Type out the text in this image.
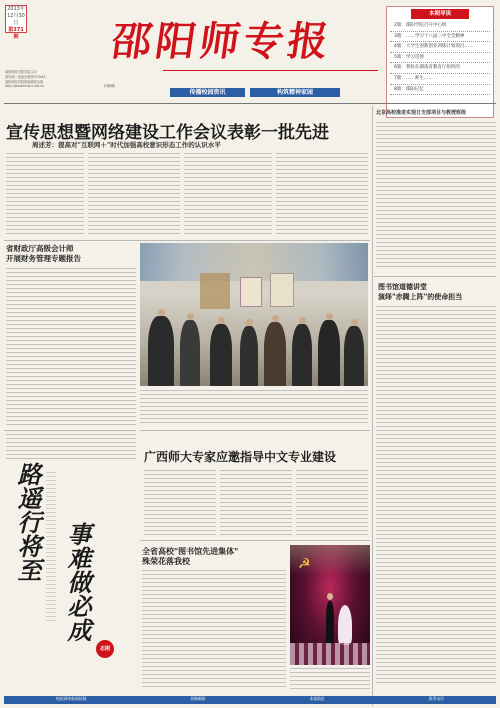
2013年
12月30日
第371期
邵阳师范学院党委主办
国内统一连续出版物号CN43-
邵阳师范学院报编辑部出版
http://www.hnsyu.net.cn	本期8版
邵阳师专报
本期导读
2版：邵阳学院召开中心组
3版：……学习十八届三中全会精神
4版：大学生创新创业训练计划项目……
5版：学习贯彻
6版：我校在湖南省教育厅组织的
7版：……师生……
8版：邵阳记忆
传播校园资讯	构筑精神家园
宣传思想暨网络建设工作会议表彰一批先进
周述芳：提高对"互联网＋"时代加强高校意识形态工作的认识水平
北京高校推进实现日支部项目与教授班级
省财政厅高级会计师
开展财务管理专题报告
图书馆道德讲堂
演绎"赤腾上阵"的使命担当
路遥行将至 事难做必成
志刚
广西师大专家应邀指导中文专业建设
全省高校"图书馆先进集体"
殊荣花落我校	☭
校园网络新闻投稿	投稿邮箱	本报地址	联系电话
